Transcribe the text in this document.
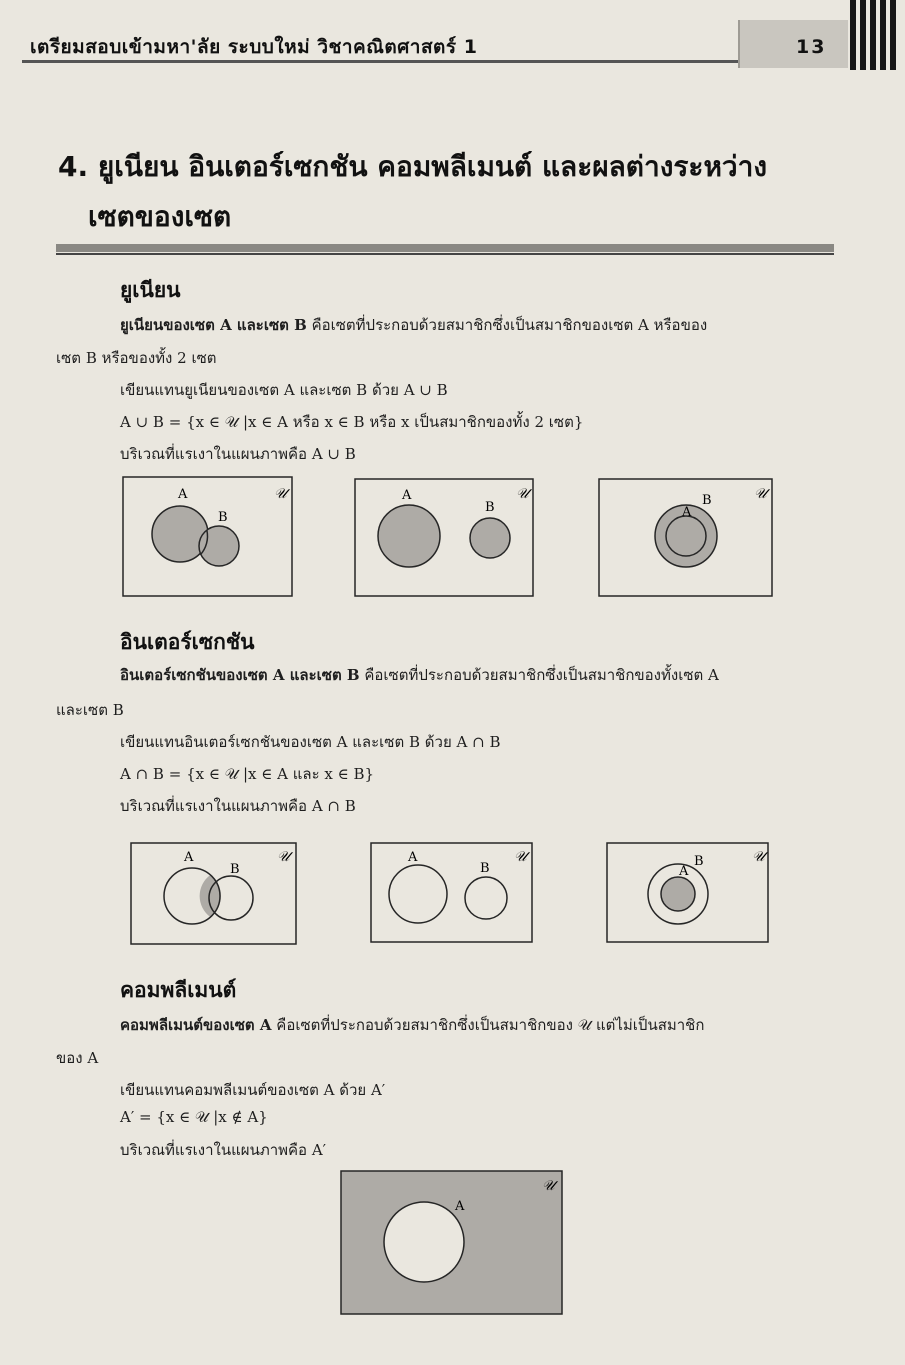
เตรียมสอบเข้ามหา'ลัย ระบบใหม่ วิชาคณิตศาสตร์ 1	13
4. ยูเนียน อินเตอร์เซกชัน คอมพลีเมนต์ และผลต่างระหว่าง
เซตของเซต
ยูเนียน
ยูเนียนของเซต A และเซต B คือเซตที่ประกอบด้วยสมาชิกซึ่งเป็นสมาชิกของเซต A หรือของ
เซต B หรือของทั้ง 2 เซต
เขียนแทนยูเนียนของเซต A และเซต B ด้วย A ∪ B
A ∪ B = {x ∈ 𝒰 |x ∈ A หรือ x ∈ B หรือ x เป็นสมาชิกของทั้ง 2 เซต}
บริเวณที่แรเงาในแผนภาพคือ A ∪ B
𝒰
A
B
𝒰
A
B
𝒰
B
A
อินเตอร์เซกชัน
อินเตอร์เซกชันของเซต A และเซต B คือเซตที่ประกอบด้วยสมาชิกซึ่งเป็นสมาชิกของทั้งเซต A
และเซต B
เขียนแทนอินเตอร์เซกชันของเซต A และเซต B ด้วย A ∩ B
A ∩ B = {x ∈ 𝒰 |x ∈ A และ x ∈ B}
บริเวณที่แรเงาในแผนภาพคือ A ∩ B
𝒰
A
B
𝒰
A
B
𝒰
B
A
คอมพลีเมนต์
คอมพลีเมนต์ของเซต A คือเซตที่ประกอบด้วยสมาชิกซึ่งเป็นสมาชิกของ 𝒰 แต่ไม่เป็นสมาชิก
ของ A
เขียนแทนคอมพลีเมนต์ของเซต A ด้วย A′
A′ = {x ∈ 𝒰 |x ∉ A}
บริเวณที่แรเงาในแผนภาพคือ A′
𝒰
A
